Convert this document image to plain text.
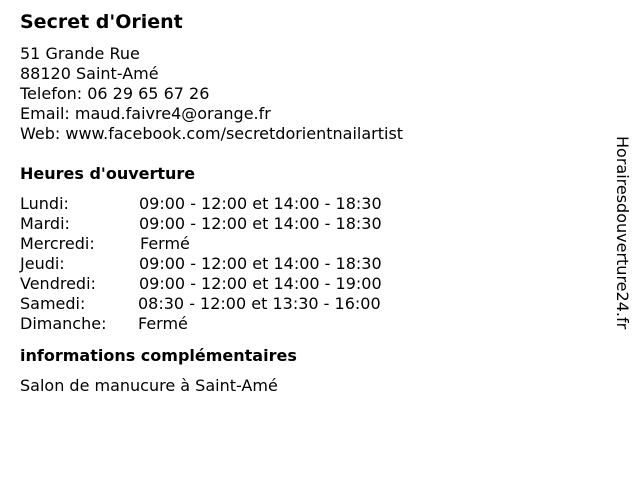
Secret d'Orient
51 Grande Rue
88120 Saint-Amé
Telefon: 06 29 65 67 26
Email: maud.faivre4@orange.fr
Web: www.facebook.com/secretdorientnailartist
Heures d'ouverture
Lundi:	09:00 - 12:00 et 14:00 - 18:30
Mardi:	09:00 - 12:00 et 14:00 - 18:30
Mercredi:	Fermé
Jeudi:	09:00 - 12:00 et 14:00 - 18:30
Vendredi:	09:00 - 12:00 et 14:00 - 19:00
Samedi:	08:30 - 12:00 et 13:30 - 16:00
Dimanche: Fermé
informations complémentaires
Salon de manucure à Saint-Amé
Horairesdouverture24.fr
